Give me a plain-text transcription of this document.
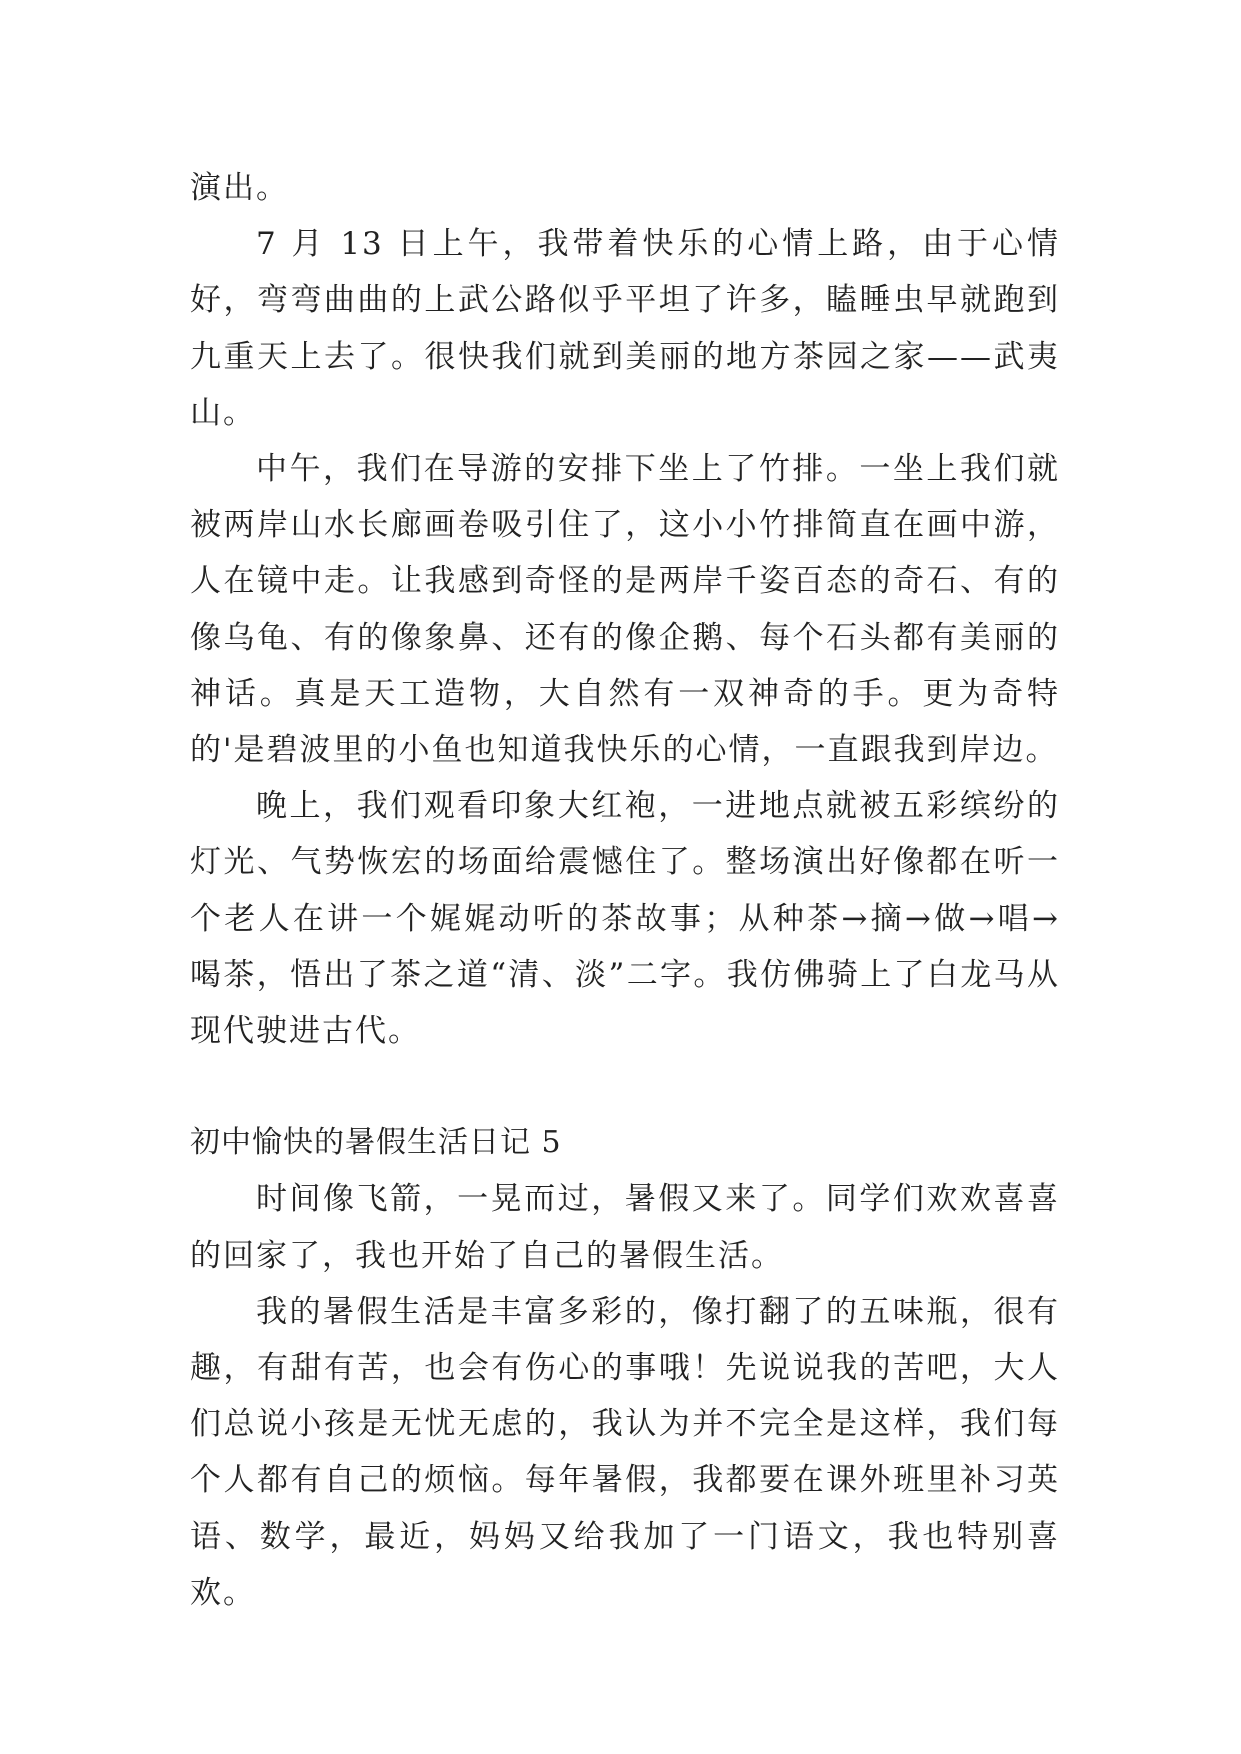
演出。

7 月 13 日上午，我带着快乐的心情上路，由于心情好，弯弯曲曲的上武公路似乎平坦了许多，瞌睡虫早就跑到九重天上去了。很快我们就到美丽的地方茶园之家——武夷山。

中午，我们在导游的安排下坐上了竹排。一坐上我们就被两岸山水长廊画卷吸引住了，这小小竹排简直在画中游，人在镜中走。让我感到奇怪的是两岸千姿百态的奇石、有的像乌龟、有的像象鼻、还有的像企鹅、每个石头都有美丽的神话。真是天工造物，大自然有一双神奇的手。更为奇特的'是碧波里的小鱼也知道我快乐的心情，一直跟我到岸边。

晚上，我们观看印象大红袍，一进地点就被五彩缤纷的灯光、气势恢宏的场面给震憾住了。整场演出好像都在听一个老人在讲一个娓娓动听的茶故事；从种茶→摘→做→唱→喝茶，悟出了茶之道“清、淡”二字。我仿佛骑上了白龙马从现代驶进古代。

初中愉快的暑假生活日记 5

时间像飞箭，一晃而过，暑假又来了。同学们欢欢喜喜的回家了，我也开始了自己的暑假生活。

我的暑假生活是丰富多彩的，像打翻了的五味瓶，很有趣，有甜有苦，也会有伤心的事哦！先说说我的苦吧，大人们总说小孩是无忧无虑的，我认为并不完全是这样，我们每个人都有自己的烦恼。每年暑假，我都要在课外班里补习英语、数学，最近，妈妈又给我加了一门语文，我也特别喜欢。
